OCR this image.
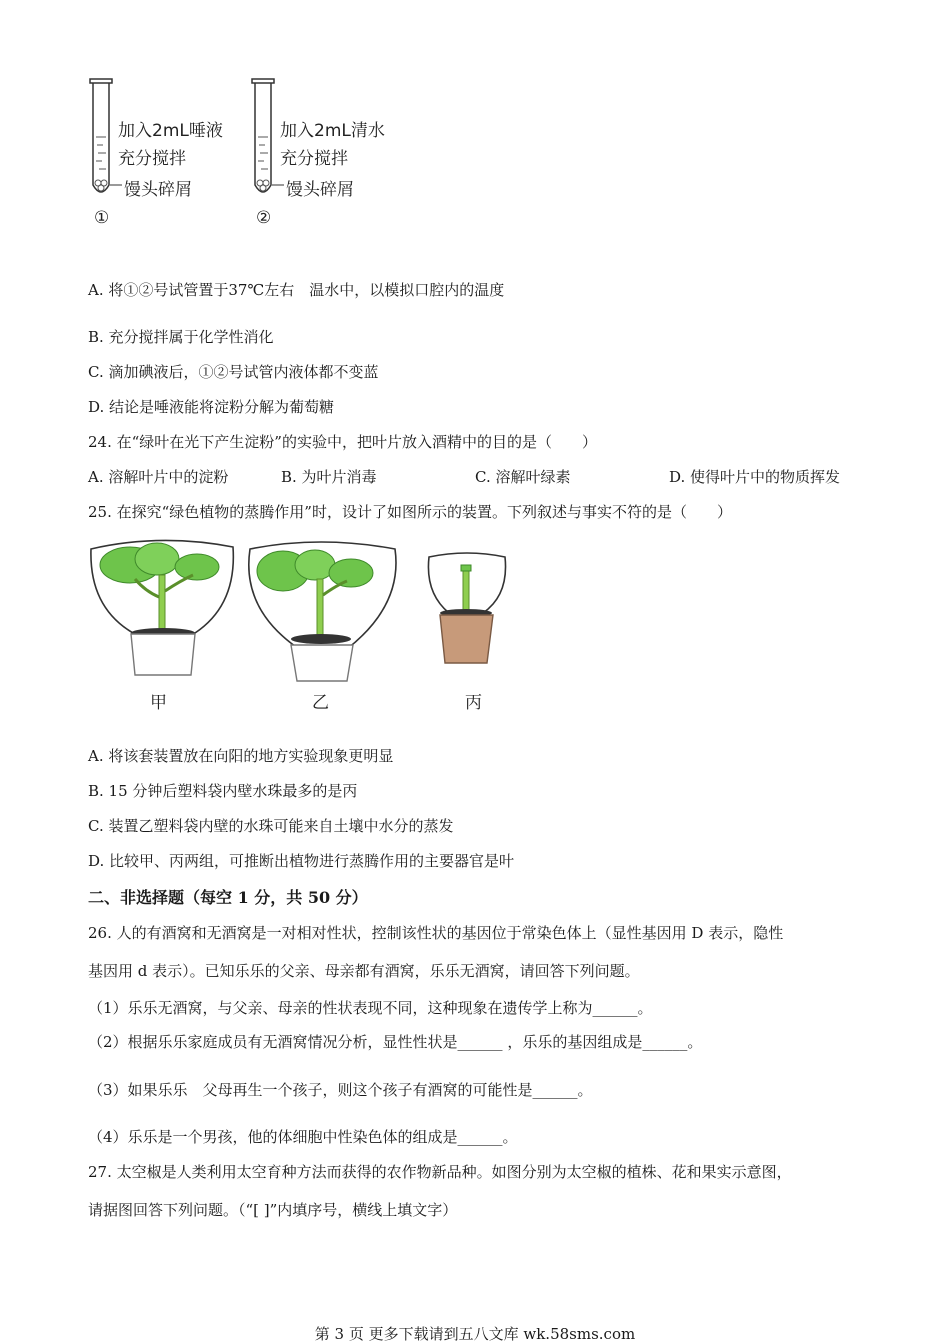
加入2mL唾液
充分搅拌
馒头碎屑
①
加入2mL清水
充分搅拌
馒头碎屑
②
A. 将①②号试管置于37℃左右　温水中，以模拟口腔内的温度
B. 充分搅拌属于化学性消化
C. 滴加碘液后，①②号试管内液体都不变蓝
D. 结论是唾液能将淀粉分解为葡萄糖
24. 在“绿叶在光下产生淀粉”的实验中，把叶片放入酒精中的目的是（　　）
A. 溶解叶片中的淀粉	B. 为叶片消毒	C. 溶解叶绿素	D. 使得叶片中的物质挥发
25. 在探究“绿色植物的蒸腾作用”时，设计了如图所示的装置。下列叙述与事实不符的是（　　）
甲	乙	丙
A. 将该套装置放在向阳的地方实验现象更明显
B. 15 分钟后塑料袋内壁水珠最多的是丙
C. 装置乙塑料袋内壁的水珠可能来自土壤中水分的蒸发
D. 比较甲、丙两组，可推断出植物进行蒸腾作用的主要器官是叶
二、非选择题（每空 1 分，共 50 分）
26. 人的有酒窝和无酒窝是一对相对性状，控制该性状的基因位于常染色体上（显性基因用 D 表示，隐性
基因用 d 表示）。已知乐乐的父亲、母亲都有酒窝，乐乐无酒窝，请回答下列问题。
（1）乐乐无酒窝，与父亲、母亲的性状表现不同，这种现象在遗传学上称为______。
（2）根据乐乐家庭成员有无酒窝情况分析，显性性状是______ ，乐乐的基因组成是______。
（3）如果乐乐　父母再生一个孩子，则这个孩子有酒窝的可能性是______。
（4）乐乐是一个男孩，他的体细胞中性染色体的组成是______。
27. 太空椒是人类利用太空育种方法而获得的农作物新品种。如图分别为太空椒的植株、花和果实示意图，
请据图回答下列问题。（“[ ]”内填序号，横线上填文字）
第 3 页 更多下载请到五八文库 wk.58sms.com
